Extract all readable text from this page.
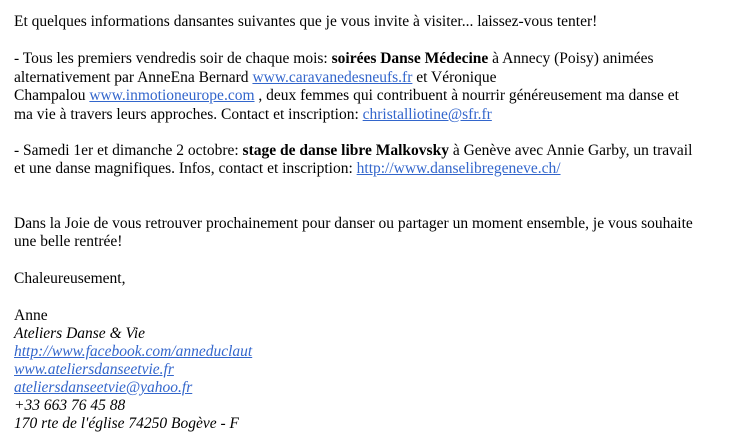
Et quelques informations dansantes suivantes que je vous invite à visiter... laissez-vous tenter!
- Tous les premiers vendredis soir de chaque mois: soirées Danse Médecine à Annecy (Poisy) animées
alternativement par AnneEna Bernard www.caravanedesneufs.fr et Véronique
Champalou www.inmotioneurope.com , deux femmes qui contribuent à nourrir généreusement ma danse et
ma vie à travers leurs approches. Contact et inscription: christalliotine@sfr.fr
- Samedi 1er et dimanche 2 octobre: stage de danse libre Malkovsky à Genève avec Annie Garby, un travail
et une danse magnifiques. Infos, contact et inscription: http://www.danselibregeneve.ch/
Dans la Joie de vous retrouver prochainement pour danser ou partager un moment ensemble, je vous souhaite
une belle rentrée!
Chaleureusement,
Anne
Ateliers Danse & Vie
http://www.facebook.com/anneduclaut
www.ateliersdanseetvie.fr
ateliersdanseetvie@yahoo.fr
+33 663 76 45 88
170 rte de l'église 74250 Bogève - F
